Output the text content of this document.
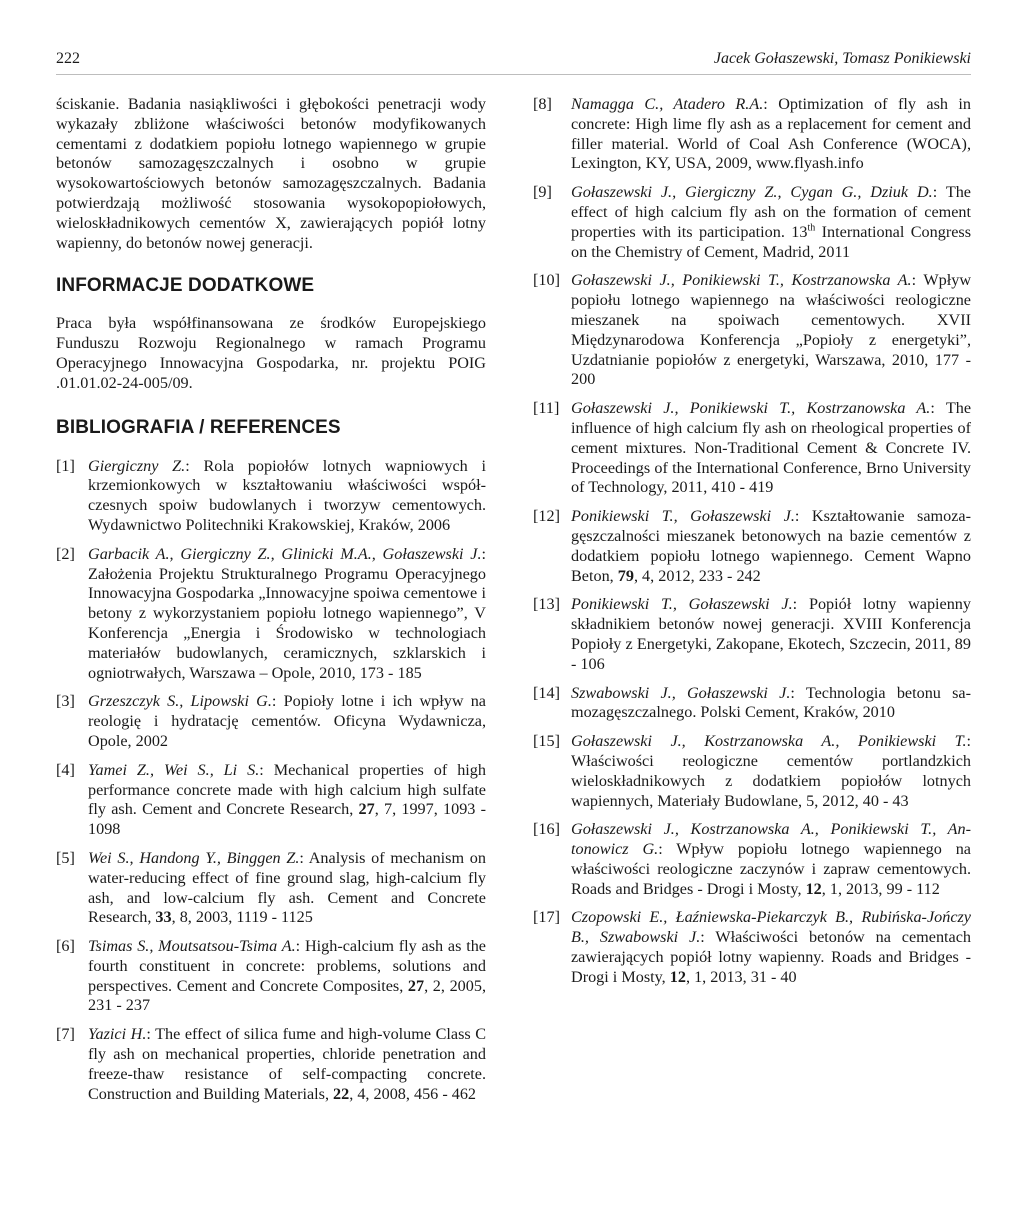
222	Jacek Gołaszewski, Tomasz Ponikiewski

ściskanie. Badania nasiąkliwości i głębokości penetracji wody wykazały zbliżone właściwości betonów modyfikowanych cementami z dodatkiem popiołu lotnego wapiennego w grupie betonów samozagęszczalnych i osobno w grupie wysokowartościowych betonów samozagęszczalnych. Badania potwierdzają możliwość stosowania wysokopopiołowych, wieloskładnikowych cementów X, zawierających popiół lotny wapienny, do betonów nowej generacji.

INFORMACJE DODATKOWE

Praca była współfinansowana ze środków Europejskiego Funduszu Rozwoju Regionalnego w ramach Programu Operacyjnego Innowacyjna Gospodarka, nr. projektu POIG .01.01.02-24-005/09.

BIBLIOGRAFIA / REFERENCES

[1] Giergiczny Z.: Rola popiołów lotnych wapniowych i krzemionkowych w kształtowaniu właściwości współczesnych spoiw budowlanych i tworzyw cementowych. Wydawnictwo Politechniki Krakowskiej, Kraków, 2006

[2] Garbacik A., Giergiczny Z., Glinicki M.A., Gołaszewski J.: Założenia Projektu Strukturalnego Programu Operacyjnego Innowacyjna Gospodarka „Innowacyjne spoiwa cementowe i betony z wykorzystaniem popiołu lotnego wapiennego”, V Konferencja „Energia i Środowisko w technologiach materiałów budowlanych, ceramicznych, szklarskich i ogniotrwałych, Warszawa – Opole, 2010, 173 - 185

[3] Grzeszczyk S., Lipowski G.: Popioły lotne i ich wpływ na reologię i hydratację cementów. Oficyna Wydawnicza, Opole, 2002

[4] Yamei Z., Wei S., Li S.: Mechanical properties of high performance concrete made with high calcium high sulfate fly ash. Cement and Concrete Research, 27, 7, 1997, 1093 - 1098

[5] Wei S., Handong Y., Binggen Z.: Analysis of mechanism on water-reducing effect of fine ground slag, high-calcium fly ash, and low-calcium fly ash. Cement and Concrete Research, 33, 8, 2003, 1119 - 1125

[6] Tsimas S., Moutsatsou-Tsima A.: High-calcium fly ash as the fourth constituent in concrete: problems, solutions and perspectives. Cement and Concrete Composites, 27, 2, 2005, 231 - 237

[7] Yazici H.: The effect of silica fume and high-volume Class C fly ash on mechanical properties, chloride penetration and freeze-thaw resistance of self-compacting concrete. Construction and Building Materials, 22, 4, 2008, 456 - 462

[8] Namagga C., Atadero R.A.: Optimization of fly ash in concrete: High lime fly ash as a replacement for cement and filler material. World of Coal Ash Conference (WOCA), Lexington, KY, USA, 2009, www.flyash.info

[9] Gołaszewski J., Giergiczny Z., Cygan G., Dziuk D.: The effect of high calcium fly ash on the formation of cement properties with its participation. 13th International Congress on the Chemistry of Cement, Madrid, 2011

[10] Gołaszewski J., Ponikiewski T., Kostrzanowska A.: Wpływ popiołu lotnego wapiennego na właściwości reologiczne mieszanek na spoiwach cementowych. XVII Międzynarodowa Konferencja „Popioły z energetyki”, Uzdatnianie popiołów z energetyki, Warszawa, 2010, 177 - 200

[11] Gołaszewski J., Ponikiewski T., Kostrzanowska A.: The influence of high calcium fly ash on rheological properties of cement mixtures. Non-Traditional Cement & Concrete IV. Proceedings of the International Conference, Brno University of Technology, 2011, 410 - 419

[12] Ponikiewski T., Gołaszewski J.: Kształtowanie samozagęszczalności mieszanek betonowych na bazie cementów z dodatkiem popiołu lotnego wapiennego. Cement Wapno Beton, 79, 4, 2012, 233 - 242

[13] Ponikiewski T., Gołaszewski J.: Popiół lotny wapienny składnikiem betonów nowej generacji. XVIII Konferencja Popioły z Energetyki, Zakopane, Ekotech, Szczecin, 2011, 89 - 106

[14] Szwabowski J., Gołaszewski J.: Technologia betonu samozagęszczalnego. Polski Cement, Kraków, 2010

[15] Gołaszewski J., Kostrzanowska A., Ponikiewski T.: Właściwości reologiczne cementów portlandzkich wieloskładnikowych z dodatkiem popiołów lotnych wapiennych, Materiały Budowlane, 5, 2012, 40 - 43

[16] Gołaszewski J., Kostrzanowska A., Ponikiewski T., Antonowicz G.: Wpływ popiołu lotnego wapiennego na właściwości reologiczne zaczynów i zapraw cementowych. Roads and Bridges - Drogi i Mosty, 12, 1, 2013, 99 - 112

[17] Czopowski E., Łaźniewska-Piekarczyk B., Rubińska-Jończy B., Szwabowski J.: Właściwości betonów na cementach zawierających popiół lotny wapienny. Roads and Bridges - Drogi i Mosty, 12, 1, 2013, 31 - 40
